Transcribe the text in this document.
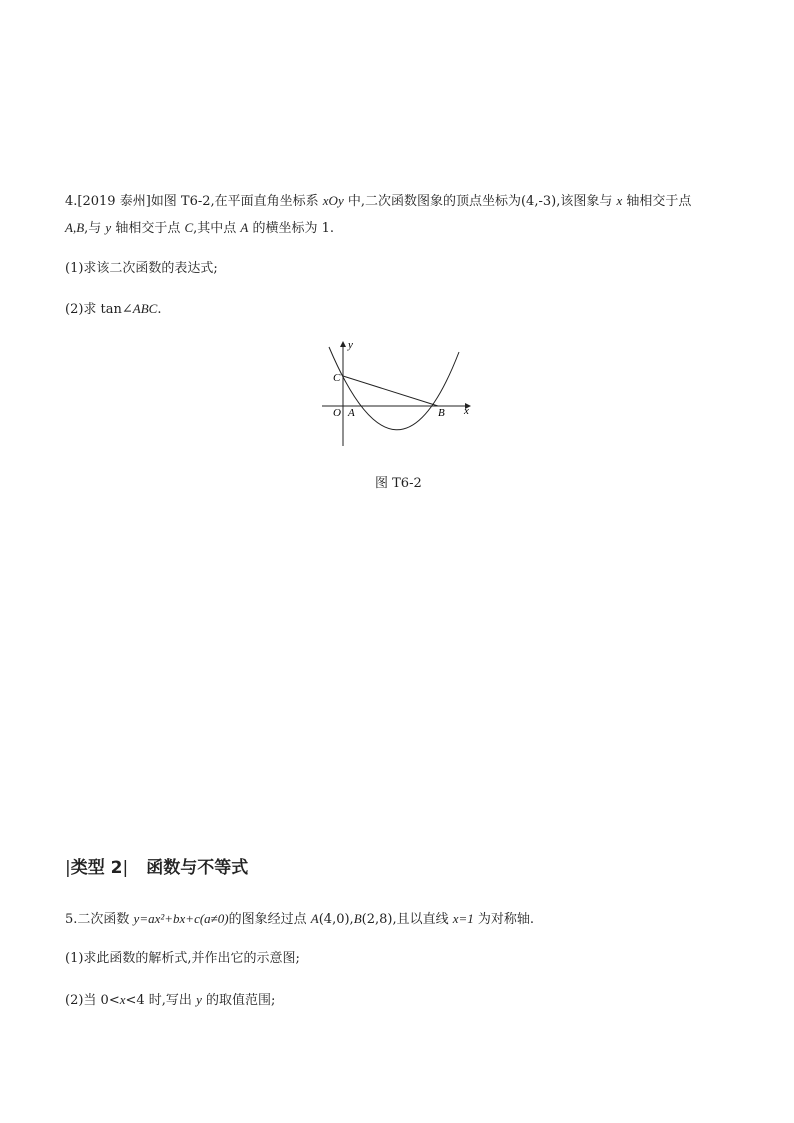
4.[2019 泰州]如图 T6-2,在平面直角坐标系 xOy 中,二次函数图象的顶点坐标为(4,-3),该图象与 x 轴相交于点
A,B,与 y 轴相交于点 C,其中点 A 的横坐标为 1.
(1)求该二次函数的表达式;
(2)求 tan∠ABC.
y
x
C
O A	B
图 T6-2
|类型 2| 函数与不等式
5.二次函数 y=ax²+bx+c(a≠0)的图象经过点 A(4,0),B(2,8),且以直线 x=1 为对称轴.
(1)求此函数的解析式,并作出它的示意图;
(2)当 0<x<4 时,写出 y 的取值范围;
